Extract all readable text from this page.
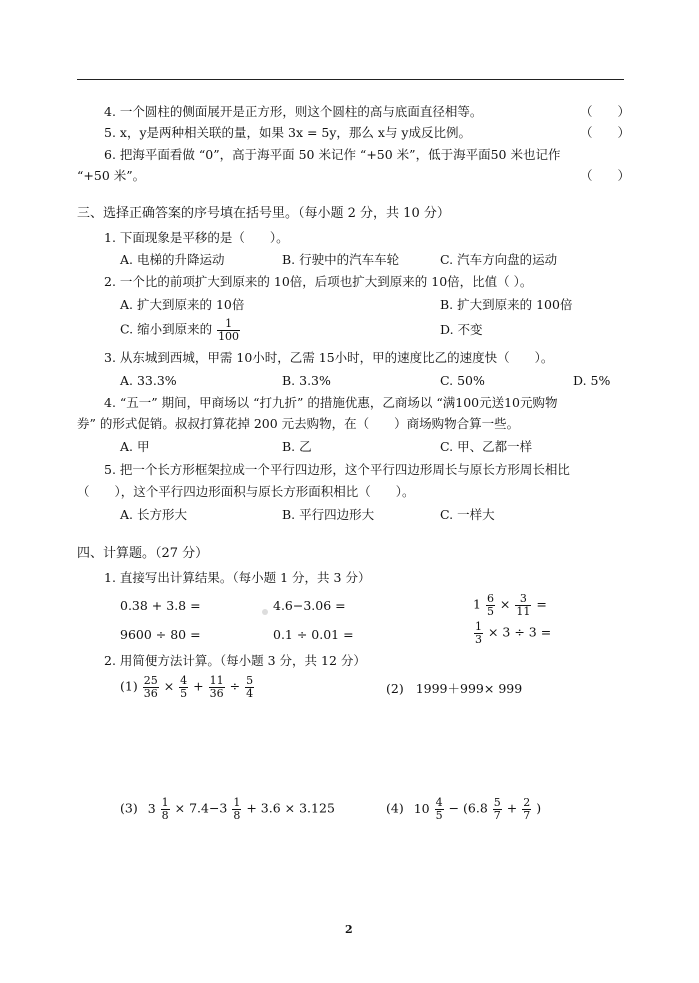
4. 一个圆柱的侧面展开是正方形，则这个圆柱的高与底面直径相等。	（　　）
5. x，y是两种相关联的量，如果 3x = 5y，那么 x与 y成反比例。	（　　）
6. 把海平面看做 “0”，高于海平面 50 米记作 “+50 米”，低于海平面50 米也记作
“+50 米”。	（　　）
三、选择正确答案的序号填在括号里。（每小题 2 分，共 10 分）
1. 下面现象是平移的是（　　）。
A. 电梯的升降运动	B. 行驶中的汽车车轮	C. 汽车方向盘的运动
2. 一个比的前项扩大到原来的 10倍，后项也扩大到原来的 10倍，比值（ ）。
A. 扩大到原来的 10倍	B. 扩大到原来的 100倍
C. 缩小到原来的 $\frac{1}{100}$	D. 不变
3. 从东城到西城，甲需 10小时，乙需 15小时，甲的速度比乙的速度快（　　）。
A. 33.3%	B. 3.3%	C. 50%	D. 5%
4. “五一” 期间，甲商场以 “打九折” 的措施优惠，乙商场以 “满100元送10元购物
券” 的形式促销。叔叔打算花掉 200 元去购物，在（　　）商场购物合算一些。
A. 甲	B. 乙	C. 甲、乙都一样
5. 把一个长方形框架拉成一个平行四边形，这个平行四边形周长与原长方形周长相比
（　　），这个平行四边形面积与原长方形面积相比（　　）。
A. 长方形大	B. 平行四边形大	C. 一样大
四、计算题。（27 分）
1. 直接写出计算结果。（每小题 1 分，共 3 分）
0.38 + 3.8 =	4.6−3.06 =	$1 \frac{6}{5} \times \frac{3}{11}$ =
9600 ÷ 80 =	0.1 ÷ 0.01 =	$\frac{1}{3} \times 3 \div 3$ =
2. 用简便方法计算。（每小题 3 分，共 12 分）
$(1) \frac{25}{36} \times \frac{4}{5} + \frac{11}{36} \div \frac{5}{4}$	(2) 1999＋999× 999
(3) $3 \frac{1}{8} \times 7.4-3 \frac{1}{8} + 3.6 \times 3.125$	(4) $10 \frac{4}{5} - (6.8 \frac{5}{7} + \frac{2}{7}$ )
2
